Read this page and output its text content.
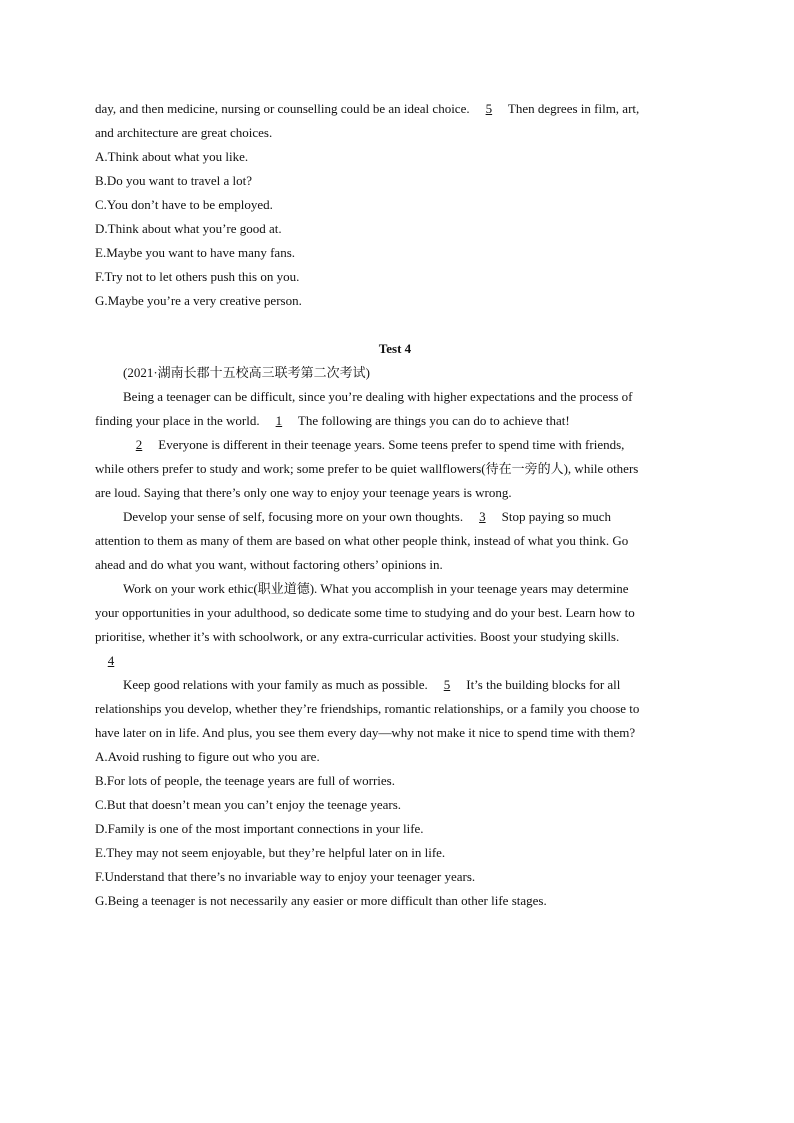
day, and then medicine, nursing or counselling could be an ideal choice. 5 Then degrees in film, art,

and architecture are great choices.

A.Think about what you like.

B.Do you want to travel a lot?

C.You don’t have to be employed.

D.Think about what you’re good at.

E.Maybe you want to have many fans.

F.Try not to let others push this on you.

G.Maybe you’re a very creative person.

Test 4

(2021·湖南长郡十五校高三联考第二次考试)

Being a teenager can be difficult, since you’re dealing with higher expectations and the process of

finding your place in the world. 1 The following are things you can do to achieve that!

2 Everyone is different in their teenage years. Some teens prefer to spend time with friends,

while others prefer to study and work; some prefer to be quiet wallflowers(待在一旁的人), while others

are loud. Saying that there’s only one way to enjoy your teenage years is wrong.

Develop your sense of self, focusing more on your own thoughts. 3 Stop paying so much

attention to them as many of them are based on what other people think, instead of what you think. Go

ahead and do what you want, without factoring others’ opinions in.

Work on your work ethic(职业道德). What you accomplish in your teenage years may determine

your opportunities in your adulthood, so dedicate some time to studying and do your best. Learn how to

prioritise, whether it’s with schoolwork, or any extra-curricular activities. Boost your studying skills.

4

Keep good relations with your family as much as possible. 5 It’s the building blocks for all

relationships you develop, whether they’re friendships, romantic relationships, or a family you choose to

have later on in life. And plus, you see them every day—why not make it nice to spend time with them?

A.Avoid rushing to figure out who you are.

B.For lots of people, the teenage years are full of worries.

C.But that doesn’t mean you can’t enjoy the teenage years.

D.Family is one of the most important connections in your life.

E.They may not seem enjoyable, but they’re helpful later on in life.

F.Understand that there’s no invariable way to enjoy your teenager years.

G.Being a teenager is not necessarily any easier or more difficult than other life stages.
